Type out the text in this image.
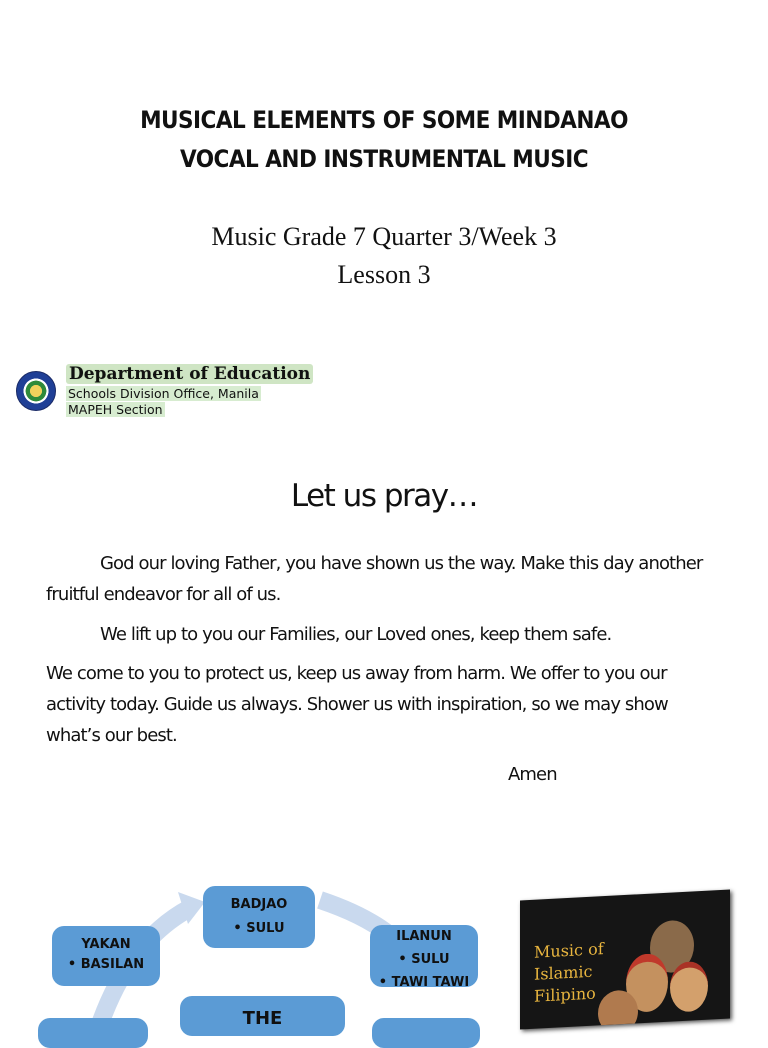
MUSICAL ELEMENTS OF SOME MINDANAO
VOCAL AND INSTRUMENTAL MUSIC
Music Grade 7 Quarter 3/Week 3
Lesson 3
Department of Education
Schools Division Office, Manila
MAPEH Section
Let us pray…
God our loving Father, you have shown us the way. Make this day another
fruitful endeavor for all of us.
We lift up to you our Families, our Loved ones, keep them safe.
We come to you to protect us, keep us away from harm. We offer to you our
activity today. Guide us always. Shower us with inspiration, so we may show
what’s our best.
Amen
YAKAN
• BASILAN
BADJAO
• SULU
ILANUN
• SULU
• TAWI TAWI
THE
Music of
Islamic
Filipino
